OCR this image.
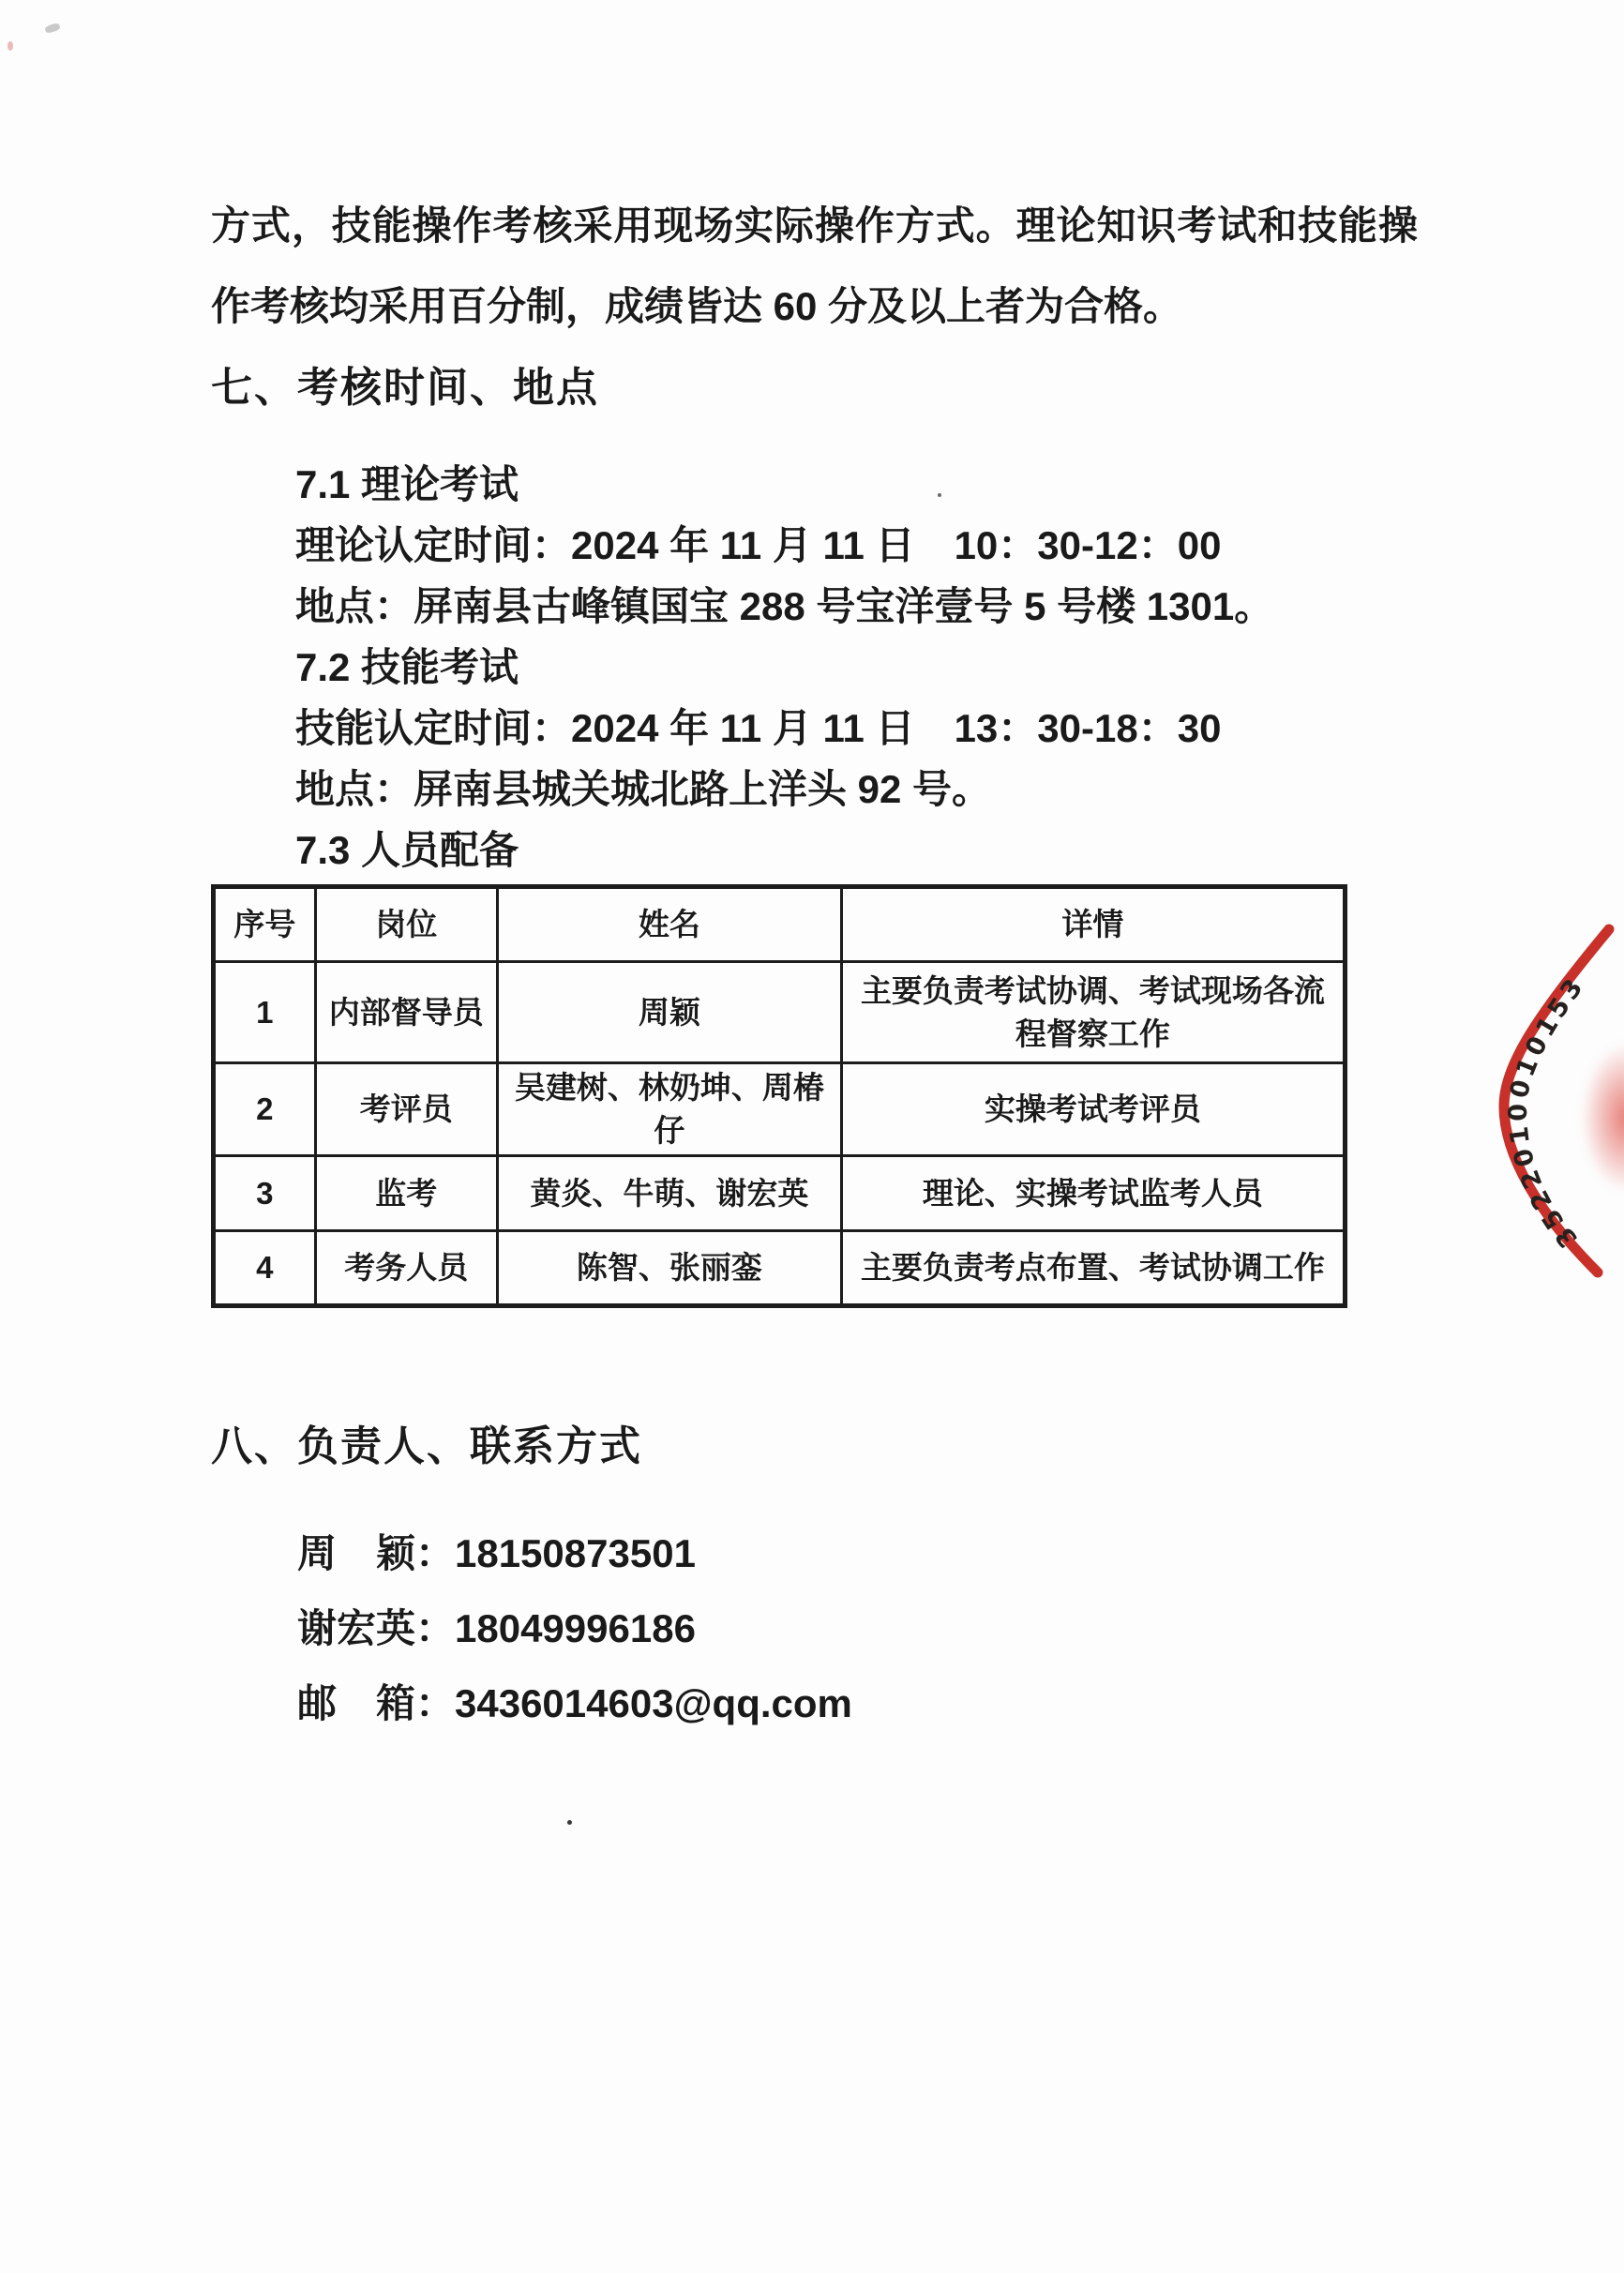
方式，技能操作考核采用现场实际操作方式。理论知识考试和技能操
作考核均采用百分制，成绩皆达 60 分及以上者为合格。
七、考核时间、地点
7.1 理论考试
理论认定时间：2024 年 11 月 11 日　10：30-12：00
地点：屏南县古峰镇国宝 288 号宝洋壹号 5 号楼 1301。
7.2 技能考试
技能认定时间：2024 年 11 月 11 日　13：30-18：30
地点：屏南县城关城北路上洋头 92 号。
7.3 人员配备
序号	岗位	姓名	详情
1	内部督导员	周颖	主要负责考试协调、考试现场各流程督察工作
2	考评员	吴建树、林奶坤、周椿仔	实操考试考评员
3	监考	黄炎、牛萌、谢宏英	理论、实操考试监考人员
4	考务人员	陈智、张丽銮	主要负责考点布置、考试协调工作
八、负责人、联系方式
周　颖：18150873501
谢宏英：18049996186
邮　箱：3436014603@qq.com
3522010010153
